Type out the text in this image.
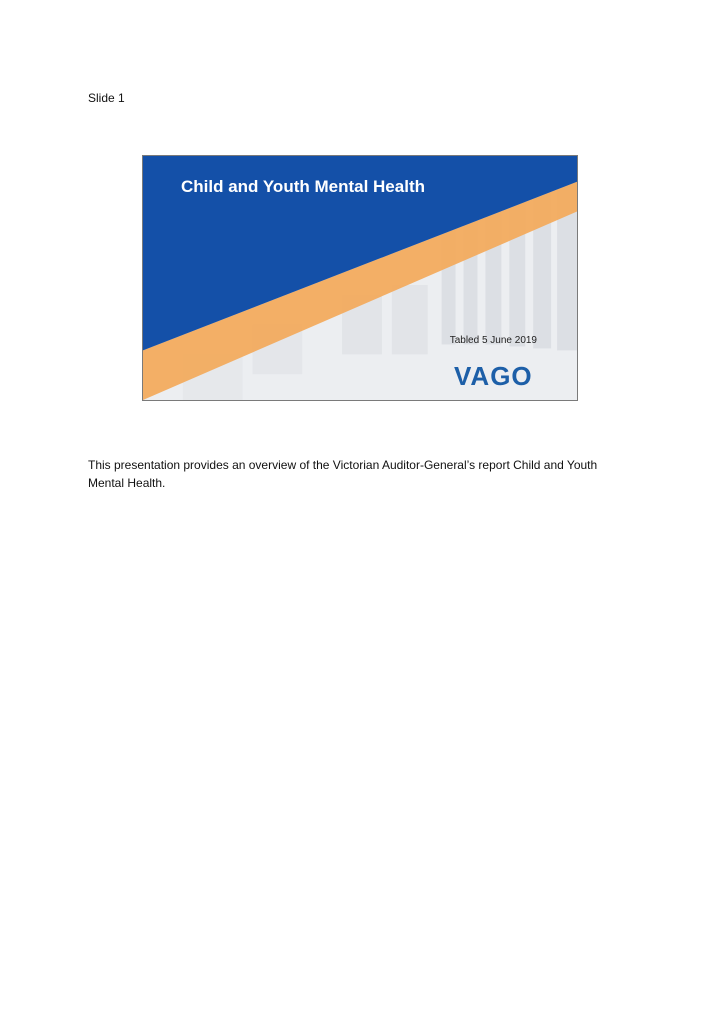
Slide 1
Child and Youth Mental Health
Tabled 5 June 2019
VAGO

This presentation provides an overview of the Victorian Auditor-General’s report Child and Youth Mental Health.
